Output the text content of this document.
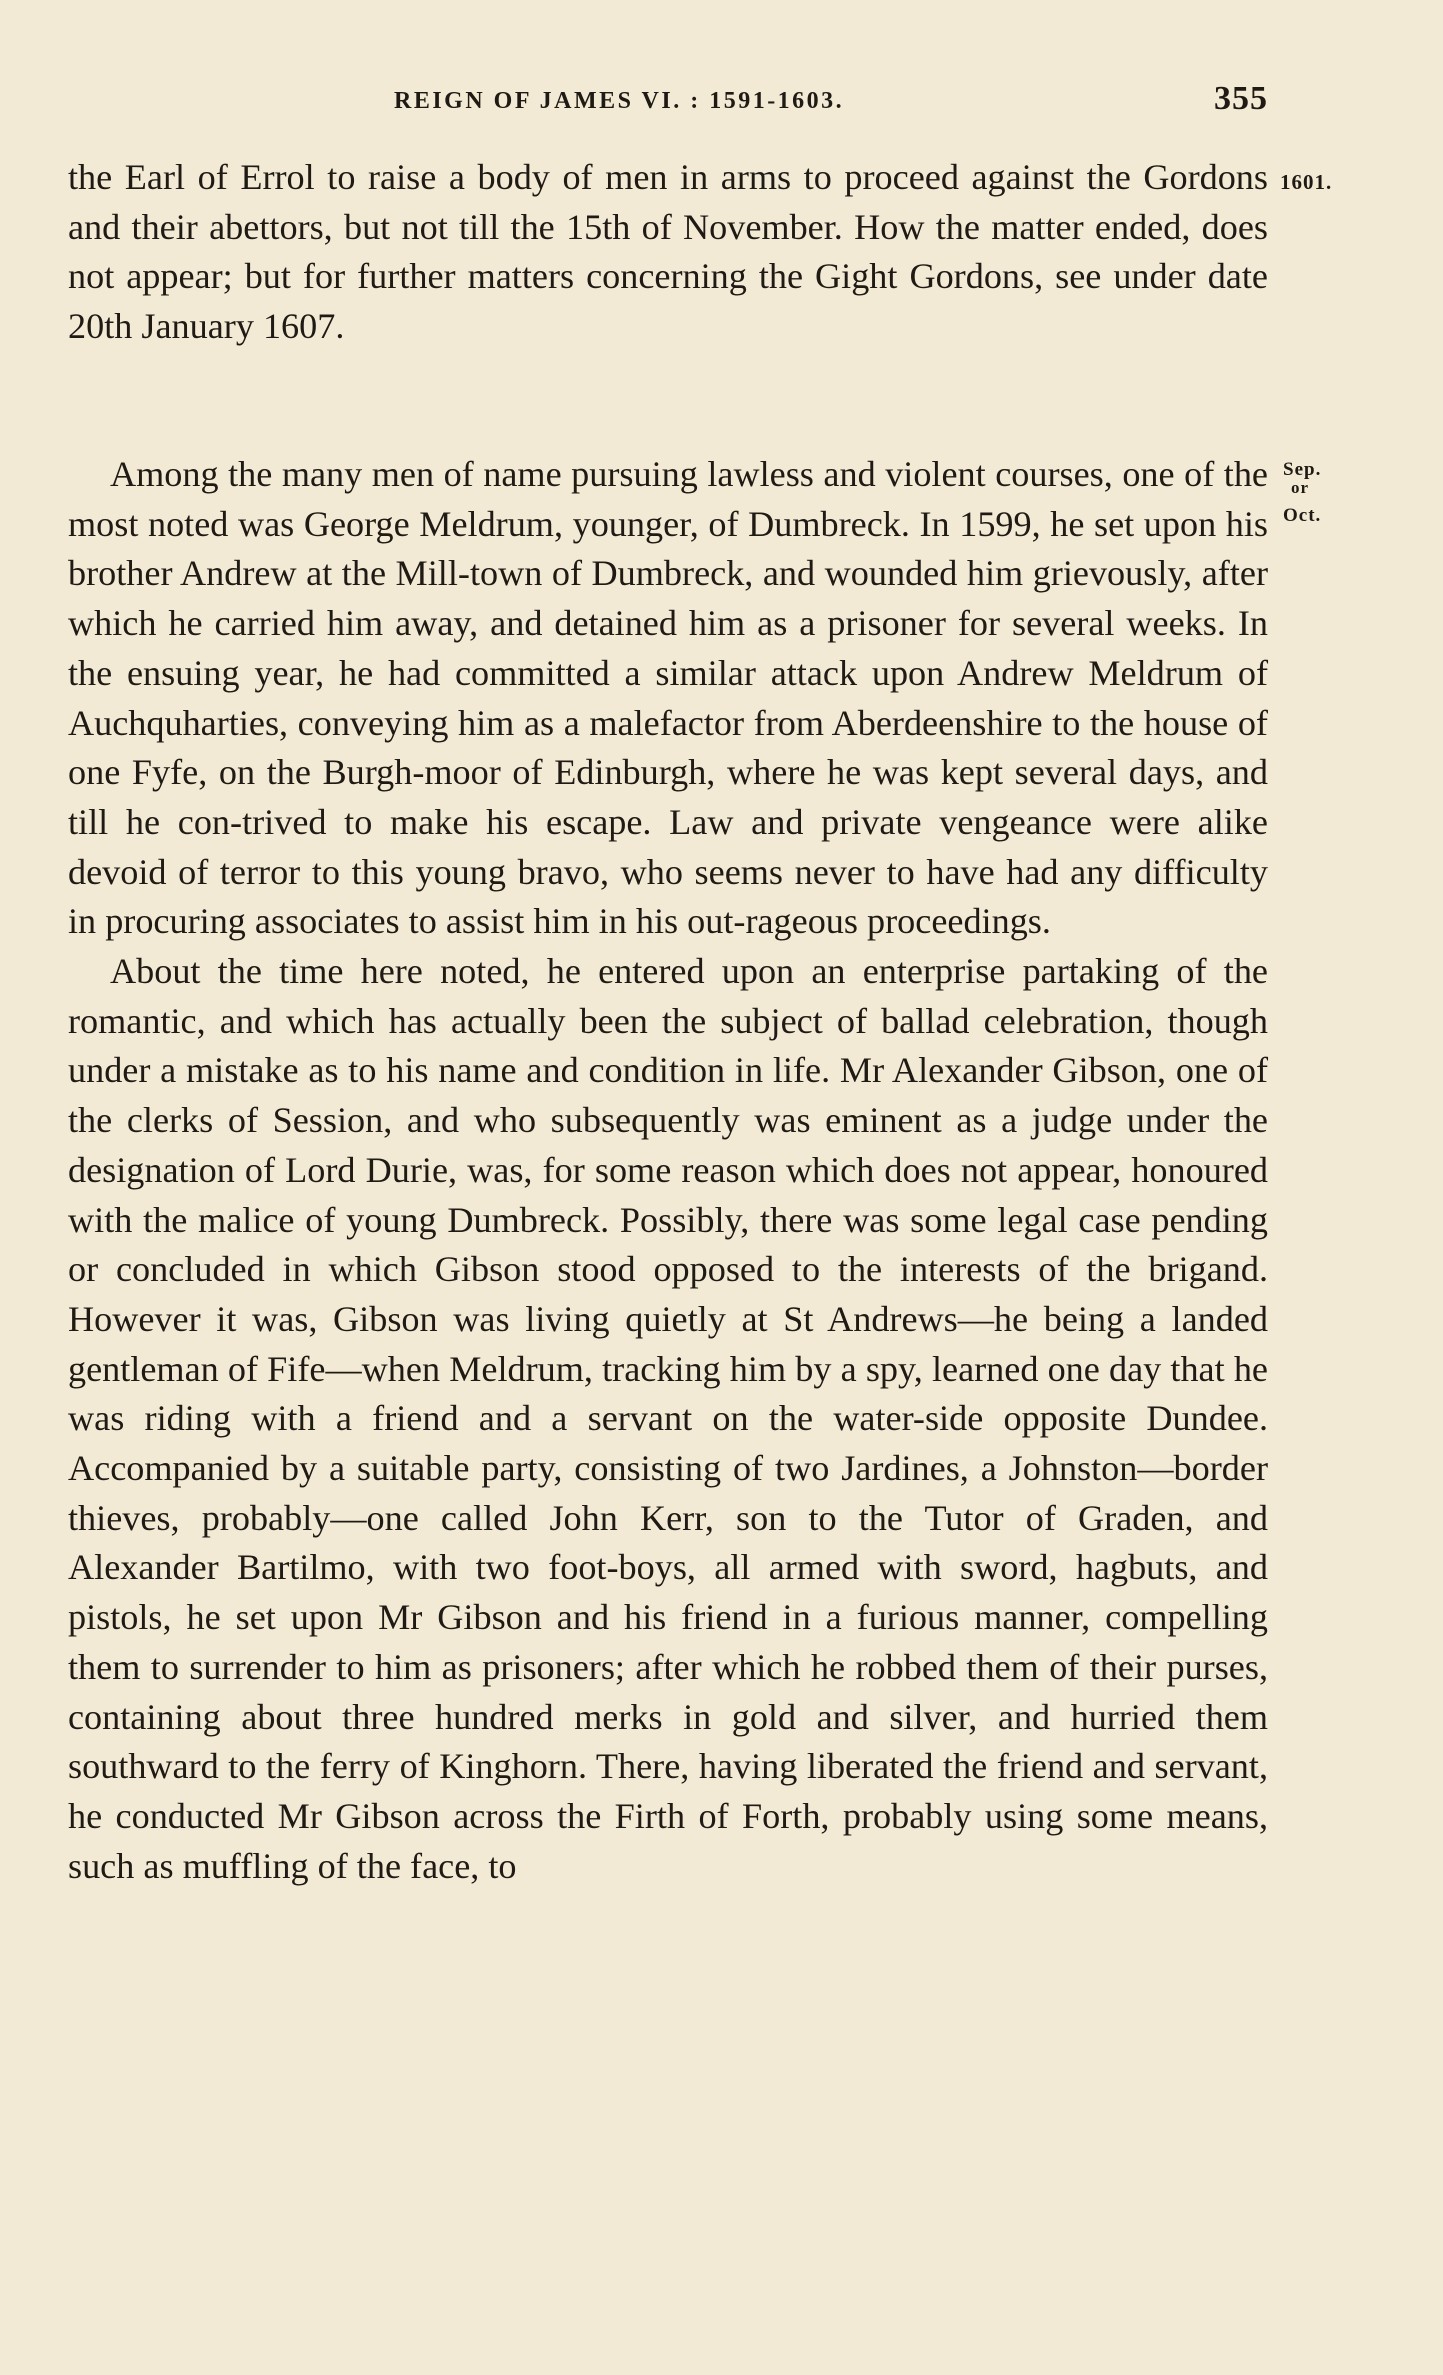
REIGN OF JAMES VI. : 1591-1603.	355
1601.
Sep.
or
Oct.

the Earl of Errol to raise a body of men in arms to proceed against the Gordons and their abettors, but not till the 15th of November. How the matter ended, does not appear; but for further matters concerning the Gight Gordons, see under date 20th January 1607.

Among the many men of name pursuing lawless and violent courses, one of the most noted was George Meldrum, younger, of Dumbreck. In 1599, he set upon his brother Andrew at the Mill-town of Dumbreck, and wounded him grievously, after which he carried him away, and detained him as a prisoner for several weeks. In the ensuing year, he had committed a similar attack upon Andrew Meldrum of Auchquharties, conveying him as a malefactor from Aberdeenshire to the house of one Fyfe, on the Burgh-moor of Edinburgh, where he was kept several days, and till he con-trived to make his escape. Law and private vengeance were alike devoid of terror to this young bravo, who seems never to have had any difficulty in procuring associates to assist him in his out-rageous proceedings.

About the time here noted, he entered upon an enterprise partaking of the romantic, and which has actually been the subject of ballad celebration, though under a mistake as to his name and condition in life. Mr Alexander Gibson, one of the clerks of Session, and who subsequently was eminent as a judge under the designation of Lord Durie, was, for some reason which does not appear, honoured with the malice of young Dumbreck. Possibly, there was some legal case pending or concluded in which Gibson stood opposed to the interests of the brigand. However it was, Gibson was living quietly at St Andrews—he being a landed gentleman of Fife—when Meldrum, tracking him by a spy, learned one day that he was riding with a friend and a servant on the water-side opposite Dundee. Accompanied by a suitable party, consisting of two Jardines, a Johnston—border thieves, probably—one called John Kerr, son to the Tutor of Graden, and Alexander Bartilmo, with two foot-boys, all armed with sword, hagbuts, and pistols, he set upon Mr Gibson and his friend in a furious manner, compelling them to surrender to him as prisoners; after which he robbed them of their purses, containing about three hundred merks in gold and silver, and hurried them southward to the ferry of Kinghorn. There, having liberated the friend and servant, he conducted Mr Gibson across the Firth of Forth, probably using some means, such as muffling of the face, to
